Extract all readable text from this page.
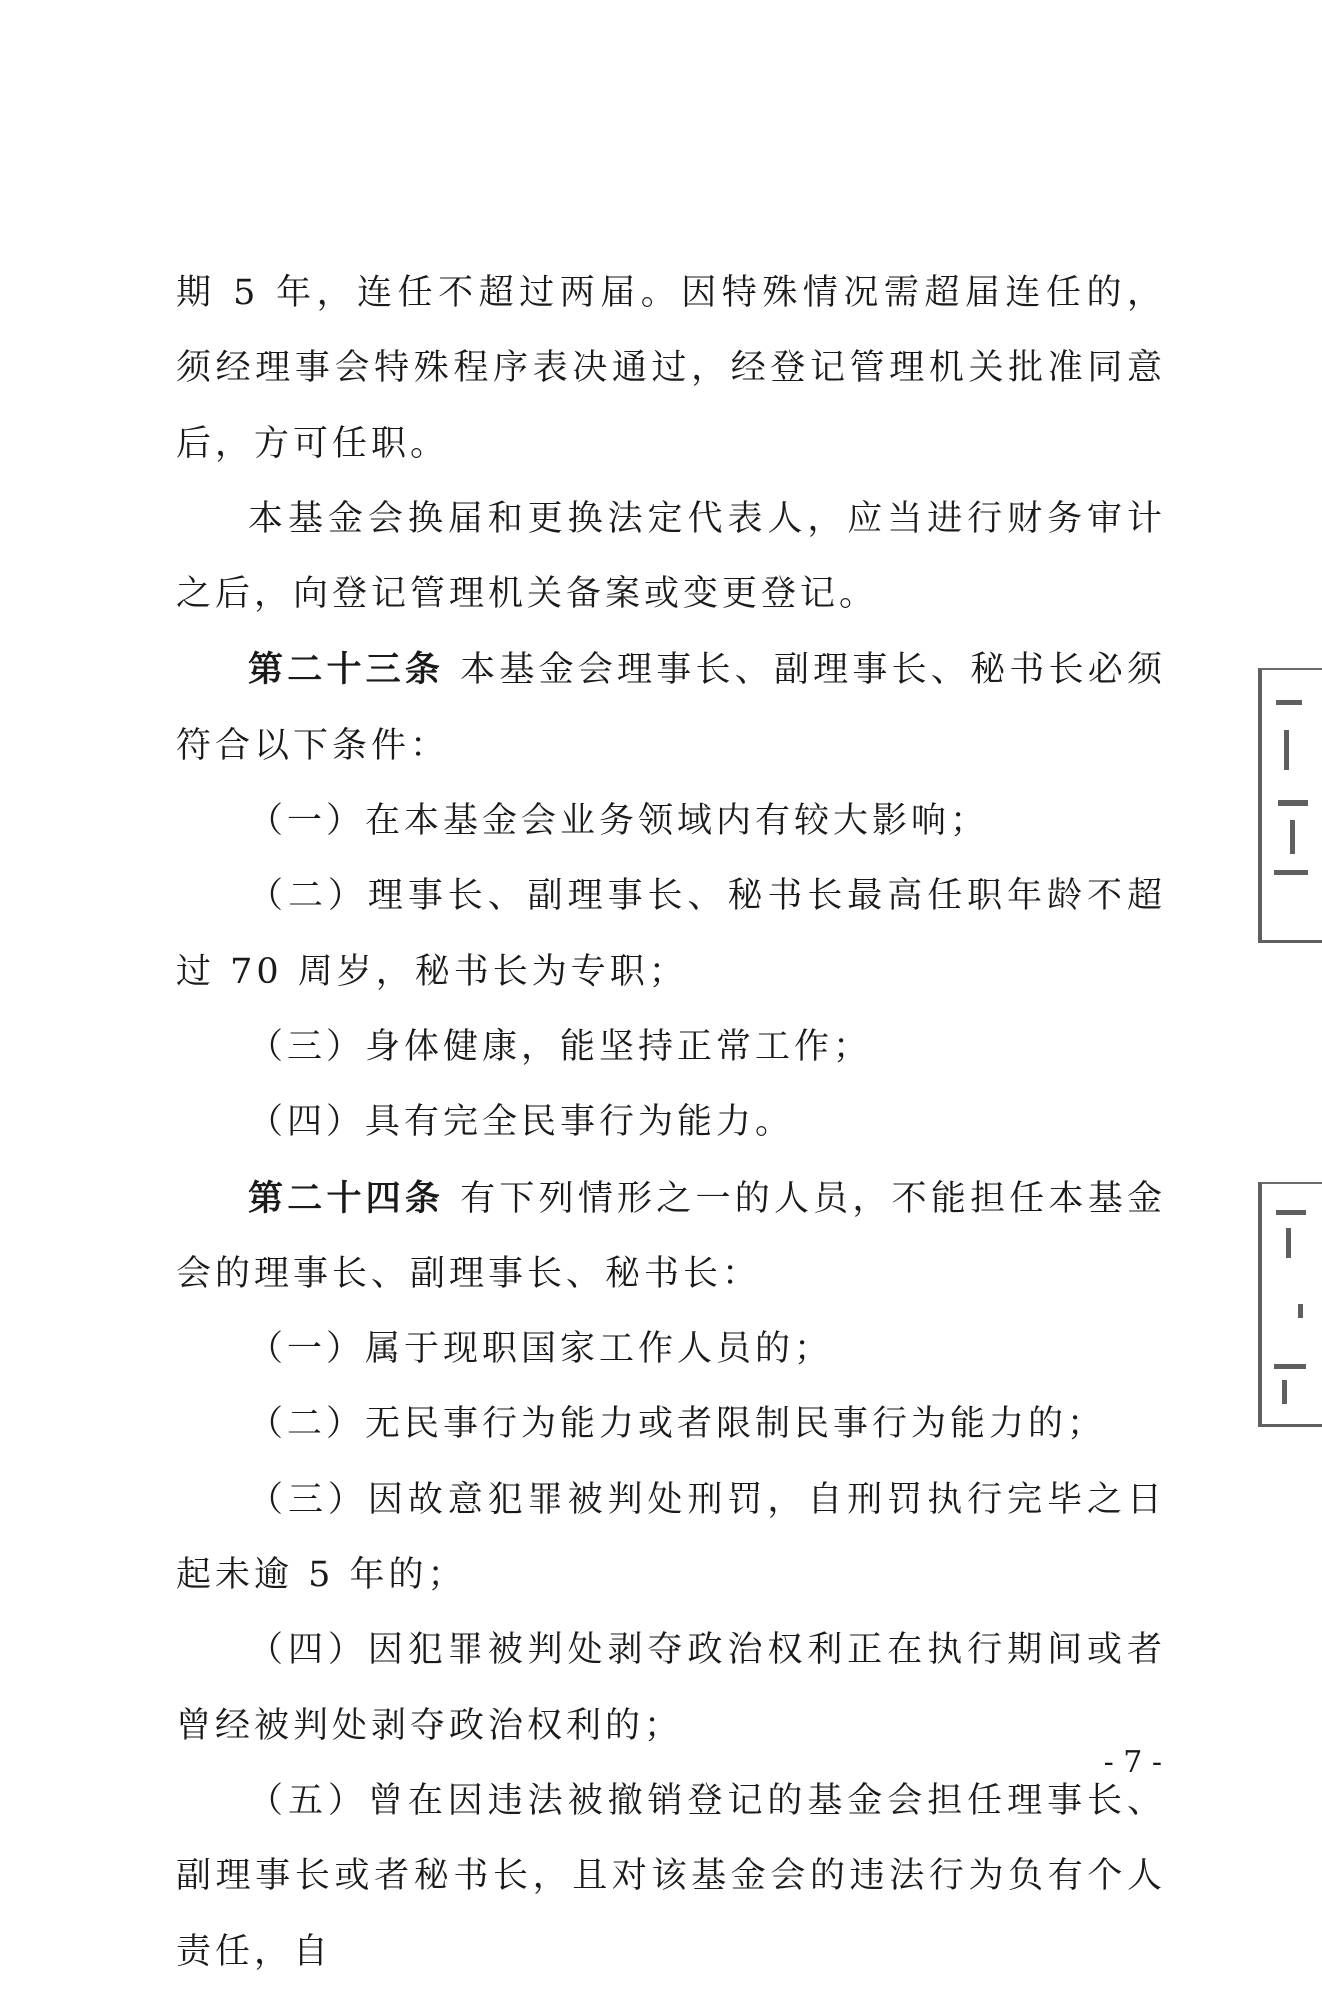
期 5 年，连任不超过两届。因特殊情况需超届连任的，须经理事会特殊程序表决通过，经登记管理机关批准同意后，方可任职。

本基金会换届和更换法定代表人，应当进行财务审计之后，向登记管理机关备案或变更登记。

第二十三条 本基金会理事长、副理事长、秘书长必须符合以下条件：

（一）在本基金会业务领域内有较大影响；

（二）理事长、副理事长、秘书长最高任职年龄不超过 70 周岁，秘书长为专职；

（三）身体健康，能坚持正常工作；

（四）具有完全民事行为能力。

第二十四条 有下列情形之一的人员，不能担任本基金会的理事长、副理事长、秘书长：

（一）属于现职国家工作人员的；

（二）无民事行为能力或者限制民事行为能力的；

（三）因故意犯罪被判处刑罚，自刑罚执行完毕之日起未逾 5 年的；

（四）因犯罪被判处剥夺政治权利正在执行期间或者曾经被判处剥夺政治权利的；

（五）曾在因违法被撤销登记的基金会担任理事长、副理事长或者秘书长，且对该基金会的违法行为负有个人责任，自

- 7 -
